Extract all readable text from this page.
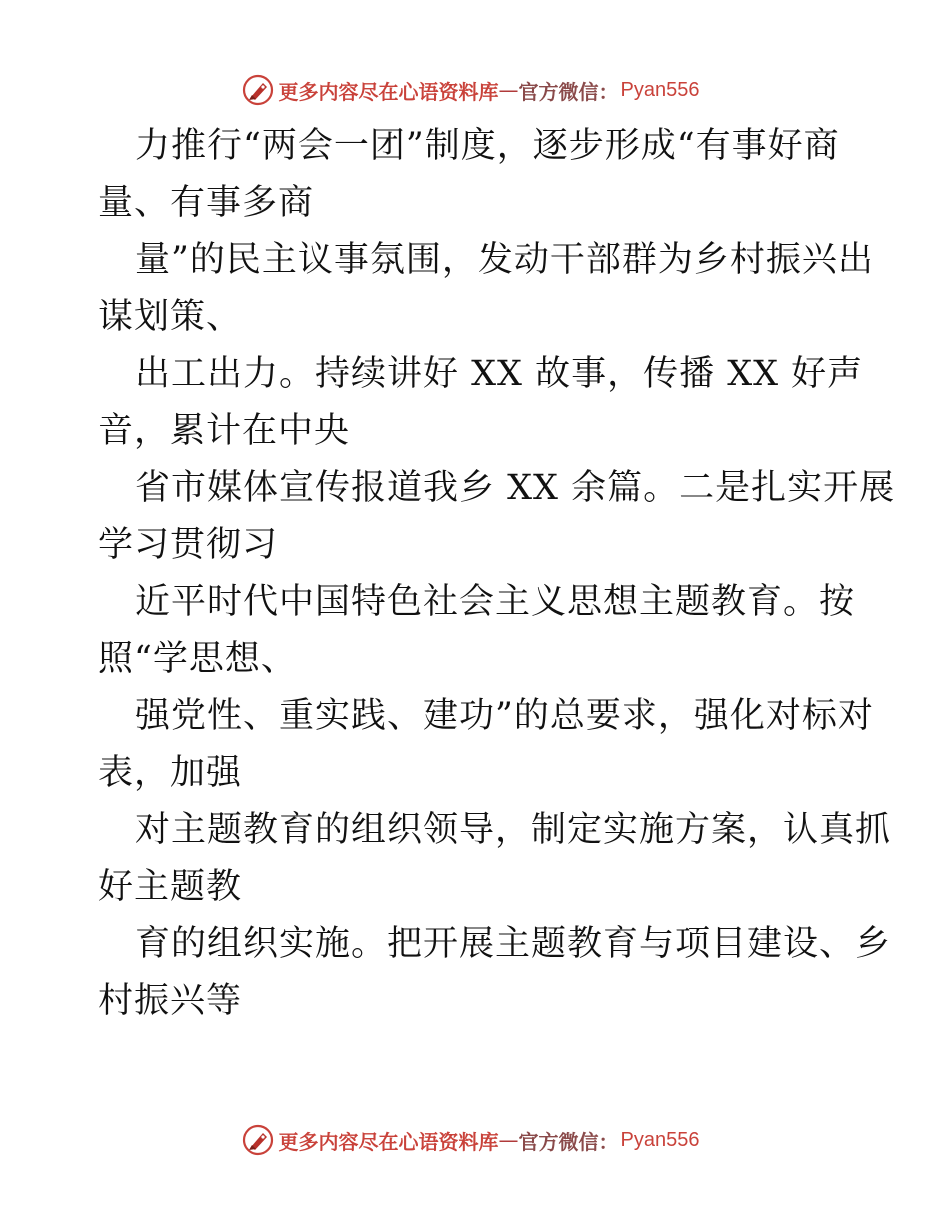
更多内容尽在心语资料库 — 官方微信： Pyan556
力推行“两会一团”制度，逐步形成“有事好商
量、有事多商
量”的民主议事氛围，发动干部群为乡村振兴出
谋划策、
出工出力。持续讲好 XX 故事，传播 XX 好声
音，累计在中央
省市媒体宣传报道我乡 XX 余篇。二是扎实开展
学习贯彻习
近平时代中国特色社会主义思想主题教育。按
照“学思想、
强党性、重实践、建功”的总要求，强化对标对
表，加强
对主题教育的组织领导，制定实施方案，认真抓
好主题教
育的组织实施。把开展主题教育与项目建设、乡
村振兴等
更多内容尽在心语资料库 — 官方微信： Pyan556
